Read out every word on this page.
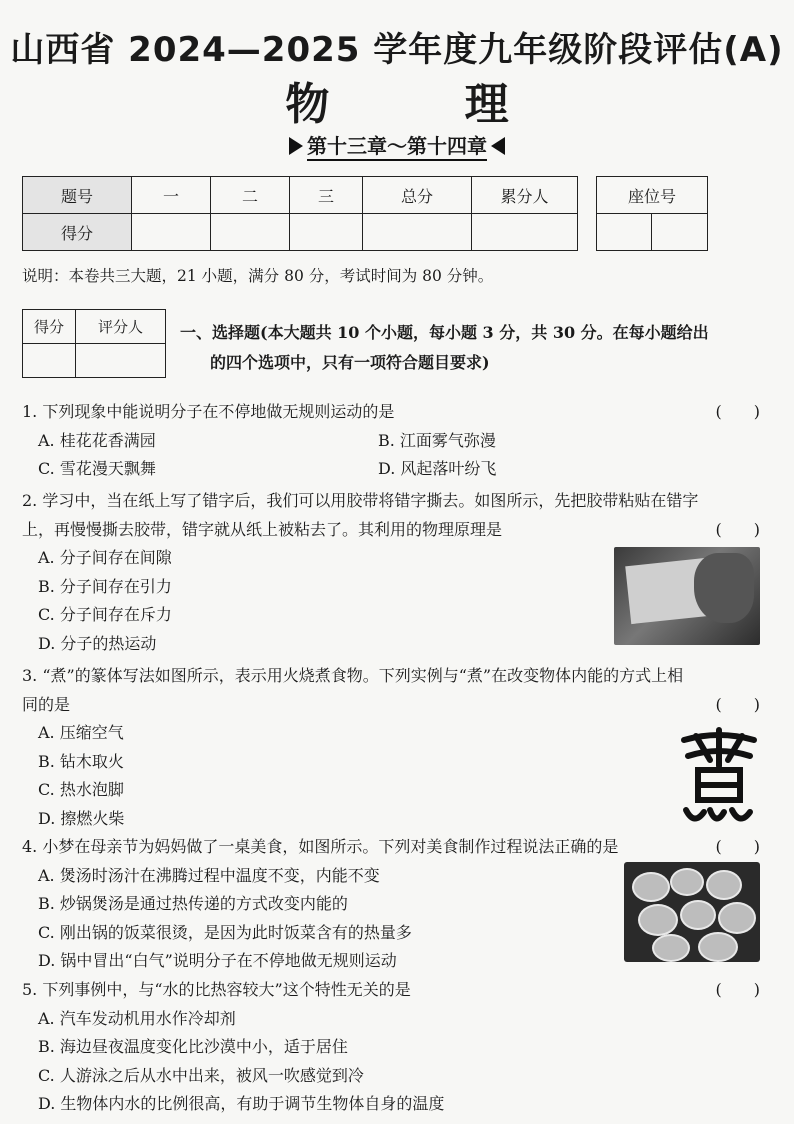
山西省 2024—2025 学年度九年级阶段评估(A)
物 理
第十三章～第十四章
题号	一	二	三	总分	累分人
得分					
座位号

说明：本卷共三大题，21 小题，满分 80 分，考试时间为 80 分钟。
得分	评分人
	一、选择题(本大题共 10 个小题，每小题 3 分，共 30 分。在每小题给出
的四个选项中，只有一项符合题目要求)
1. 下列现象中能说明分子在不停地做无规则运动的是	(　　)
A. 桂花花香满园	B. 江面雾气弥漫
C. 雪花漫天飘舞	D. 风起落叶纷飞
2. 学习中，当在纸上写了错字后，我们可以用胶带将错字撕去。如图所示，先把胶带粘贴在错字
上，再慢慢撕去胶带，错字就从纸上被粘去了。其利用的物理原理是	(　　)
A. 分子间存在间隙
B. 分子间存在引力
C. 分子间存在斥力
D. 分子的热运动
3. “煮”的篆体写法如图所示，表示用火烧煮食物。下列实例与“煮”在改变物体内能的方式上相
同的是	(　　)
A. 压缩空气
B. 钻木取火
C. 热水泡脚
D. 擦燃火柴
4. 小梦在母亲节为妈妈做了一桌美食，如图所示。下列对美食制作过程说法正确的是	(　　)
A. 煲汤时汤汁在沸腾过程中温度不变，内能不变
B. 炒锅煲汤是通过热传递的方式改变内能的
C. 刚出锅的饭菜很烫，是因为此时饭菜含有的热量多
D. 锅中冒出“白气”说明分子在不停地做无规则运动
5. 下列事例中，与“水的比热容较大”这个特性无关的是	(　　)
A. 汽车发动机用水作冷却剂
B. 海边昼夜温度变化比沙漠中小，适于居住
C. 人游泳之后从水中出来，被风一吹感觉到冷
D. 生物体内水的比例很高，有助于调节生物体自身的温度
